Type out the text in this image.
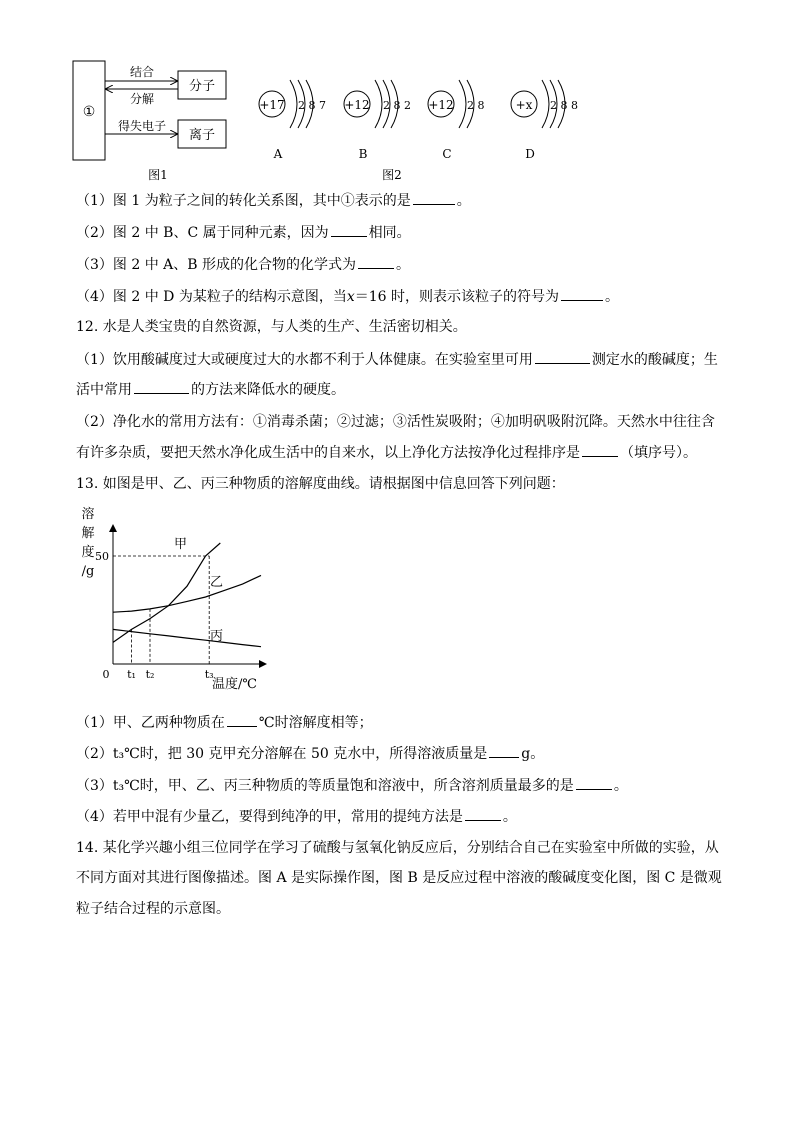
①
分子
离子
结合
分解
得失电子
图1
+17 2 8 7
A
+12 2 8 2
B
+12 2 8
C
+x 2 8 8
D
图2
（1）图 1 为粒子之间的转化关系图，其中①表示的是	。
（2）图 2 中 B、C 属于同种元素，因为	相同。
（3）图 2 中 A、B 形成的化合物的化学式为	。
（4）图 2 中 D 为某粒子的结构示意图，当x＝16 时，则表示该粒子的符号为	。
12. 水是人类宝贵的自然资源，与人类的生产、生活密切相关。
（1）饮用酸碱度过大或硬度过大的水都不利于人体健康。在实验室里可用	测定水的酸碱度；生
活中常用	的方法来降低水的硬度。
（2）净化水的常用方法有：①消毒杀菌；②过滤；③活性炭吸附；④加明矾吸附沉降。天然水中往往含
有许多杂质，要把天然水净化成生活中的自来水，以上净化方法按净化过程排序是	（填序号）。
13. 如图是甲、乙、丙三种物质的溶解度曲线。请根据图中信息回答下列问题：
溶
解
度
/g
温度/℃
0
50
甲
乙
丙
t₁ t₂	t₃
（1）甲、乙两种物质在 ℃时溶解度相等；
（2）t₃℃时，把 30 克甲充分溶解在 50 克水中，所得溶液质量是 g。
（3）t₃℃时，甲、乙、丙三种物质的等质量饱和溶液中，所含溶剂质量最多的是	。
（4）若甲中混有少量乙，要得到纯净的甲，常用的提纯方法是	。
14. 某化学兴趣小组三位同学在学习了硫酸与氢氧化钠反应后，分别结合自己在实验室中所做的实验，从
不同方面对其进行图像描述。图 A 是实际操作图，图 B 是反应过程中溶液的酸碱度变化图，图 C 是微观
粒子结合过程的示意图。
